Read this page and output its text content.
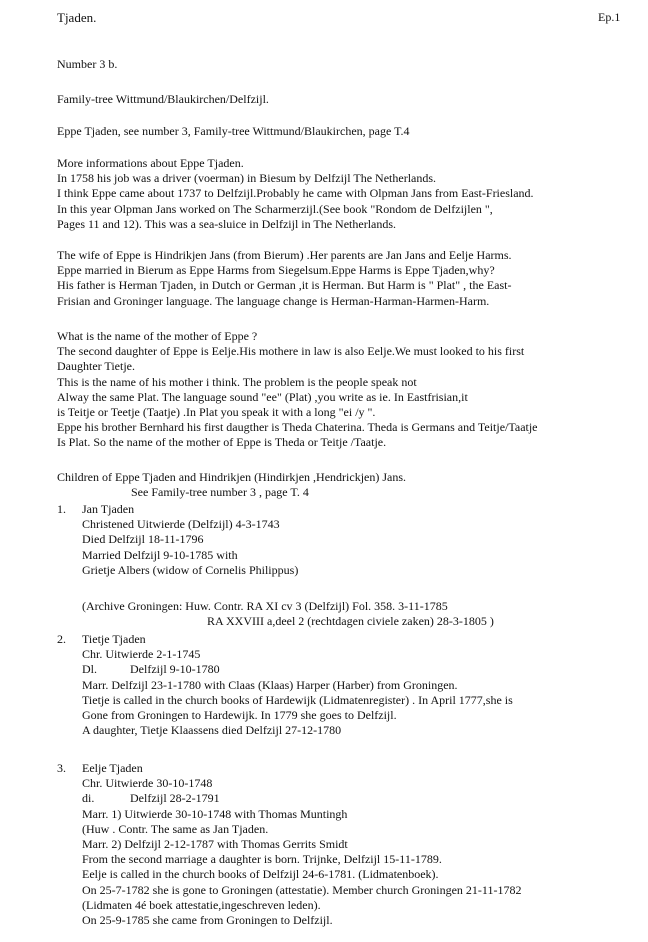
Tjaden.	Ep.1

Number 3 b.

Family-tree Wittmund/Blaukirchen/Delfzijl.

Eppe Tjaden, see number 3, Family-tree Wittmund/Blaukirchen, page T.4

More informations about Eppe Tjaden.

In 1758 his job was a driver (voerman) in Biesum by Delfzijl The Netherlands.

I think Eppe came about 1737 to Delfzijl.Probably he came with Olpman Jans from East-Friesland.

In this year Olpman Jans worked on The Scharmerzijl.(See book "Rondom de Delfzijlen ",

Pages 11 and 12). This was a sea-sluice in Delfzijl in The Netherlands.

The wife of Eppe is Hindrikjen Jans (from Bierum) .Her parents are Jan Jans and Eelje Harms.

Eppe married in Bierum as Eppe Harms from Siegelsum.Eppe Harms is Eppe Tjaden,why?

His father is Herman Tjaden, in Dutch or German ,it is Herman. But Harm is " Plat" , the East-

Frisian and Groninger language. The language change is Herman-Harman-Harmen-Harm.

What is the name of the mother of Eppe ?

The second daughter of Eppe is Eelje.His mothere in law is also Eelje.We must looked to his first

Daughter Tietje.

This is the name of his mother i think. The problem is the people speak not

Alway the same Plat. The language sound "ee" (Plat) ,you write as ie. In Eastfrisian,it

is Teitje or Teetje (Taatje) .In Plat you speak it with a long "ei /y ".

Eppe his brother Bernhard his first daugther is Theda Chaterina. Theda is Germans and Teitje/Taatje

Is Plat. So the name of the mother of Eppe is Theda or Teitje /Taatje.

Children of Eppe Tjaden and Hindrikjen (Hindirkjen ,Hendrickjen) Jans.

See Family-tree number 3 , page T. 4

1. Jan Tjaden

Christened Uitwierde (Delfzijl) 4-3-1743

Died Delfzijl 18-11-1796

Married Delfzijl 9-10-1785 with

Grietje Albers (widow of Cornelis Philippus)

(Archive Groningen: Huw. Contr. RA XI cv 3 (Delfzijl) Fol. 358. 3-11-1785

RA XXVIII a,deel 2 (rechtdagen civiele zaken) 28-3-1805 )

2. Tietje Tjaden

Chr. Uitwierde 2-1-1745

Dl.	Delfzijl 9-10-1780

Marr. Delfzijl 23-1-1780 with Claas (Klaas) Harper (Harber) from Groningen.

Tietje is called in the church books of Hardewijk (Lidmatenregister) . In April 1777,she is

Gone from Groningen to Hardewijk. In 1779 she goes to Delfzijl.

A daughter, Tietje Klaassens died Delfzijl 27-12-1780

3. Eelje Tjaden

Chr. Uitwierde 30-10-1748

di.	Delfzijl 28-2-1791

Marr. 1) Uitwierde 30-10-1748 with Thomas Muntingh

(Huw . Contr. The same as Jan Tjaden.

Marr. 2) Delfzijl 2-12-1787 with Thomas Gerrits Smidt

From the second marriage a daughter is born. Trijnke, Delfzijl 15-11-1789.

Eelje is called in the church books of Delfzijl 24-6-1781. (Lidmatenboek).

On 25-7-1782 she is gone to Groningen (attestatie). Member church Groningen 21-11-1782

(Lidmaten 4é boek attestatie,ingeschreven leden).

On 25-9-1785 she came from Groningen to Delfzijl.
